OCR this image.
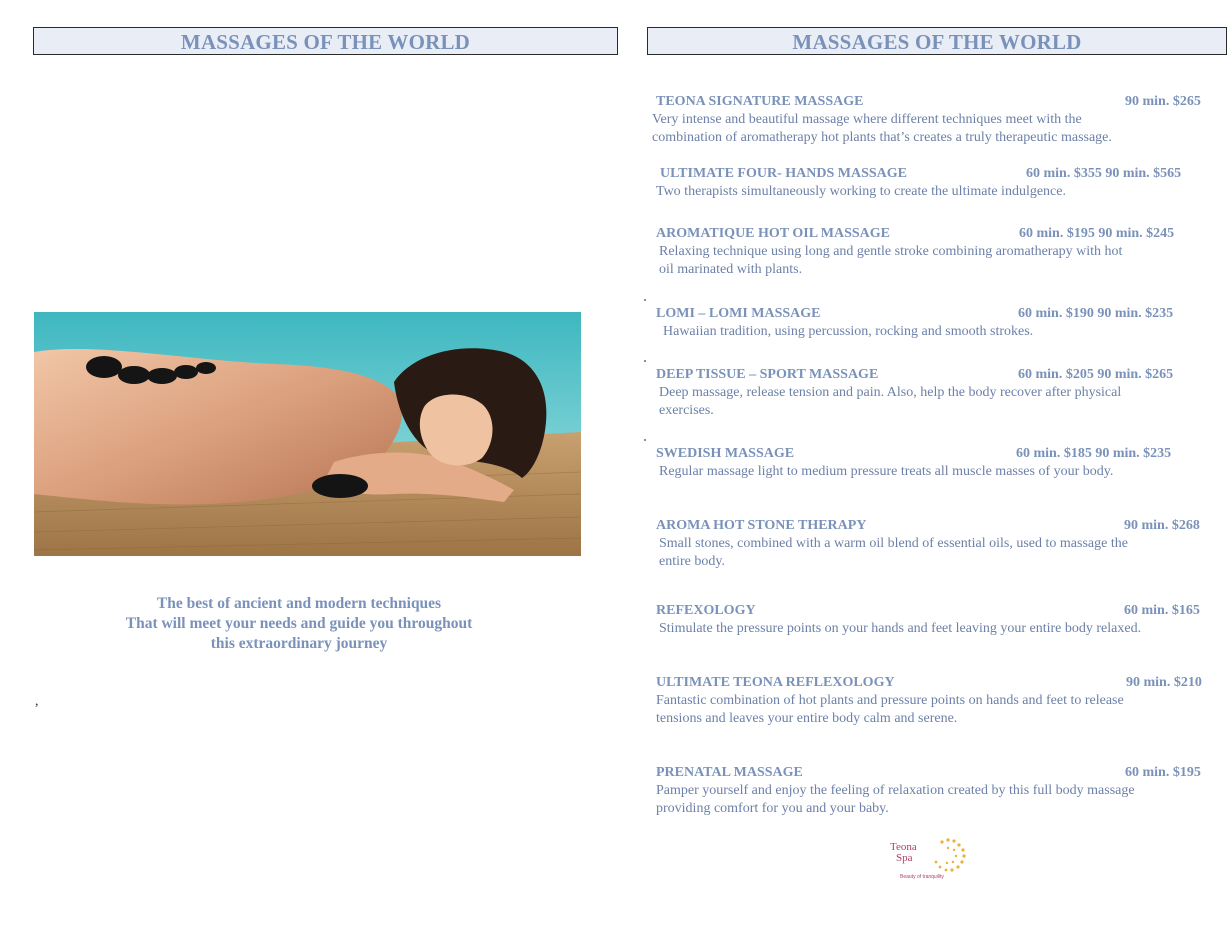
MASSAGES OF THE WORLD
The best of ancient and modern techniques
That will meet your needs and guide you throughout
this extraordinary journey
,
MASSAGES OF THE WORLD
TEONA SIGNATURE MASSAGE	90 min. $265
Very intense and beautiful massage where different techniques meet with the
combination of aromatherapy hot plants that’s creates a truly therapeutic massage.
ULTIMATE FOUR- HANDS MASSAGE	60 min. $355 90 min. $565
Two therapists simultaneously working to create the ultimate indulgence.
AROMATIQUE HOT OIL MASSAGE	60 min. $195 90 min. $245
Relaxing technique using long and gentle stroke combining aromatherapy with hot
oil marinated with plants.
LOMI – LOMI MASSAGE	60 min. $190 90 min. $235
Hawaiian tradition, using percussion, rocking and smooth strokes.
DEEP TISSUE – SPORT MASSAGE	60 min. $205 90 min. $265
Deep massage, release tension and pain. Also, help the body recover after physical
exercises.
SWEDISH MASSAGE	60 min. $185 90 min. $235
Regular massage light to medium pressure treats all muscle masses of your body.
AROMA HOT STONE THERAPY	90 min. $268
Small stones, combined with a warm oil blend of essential oils, used to massage the
entire body.
REFEXOLOGY	60 min. $165
Stimulate the pressure points on your hands and feet leaving your entire body relaxed.
ULTIMATE TEONA REFLEXOLOGY	90 min. $210
Fantastic combination of hot plants and pressure points on hands and feet to release
tensions and leaves your entire body calm and serene.
PRENATAL MASSAGE	60 min. $195
Pamper yourself and enjoy the feeling of relaxation created by this full body massage
providing comfort for you and your baby.
Teona
Spa
Beauty of tranquility
